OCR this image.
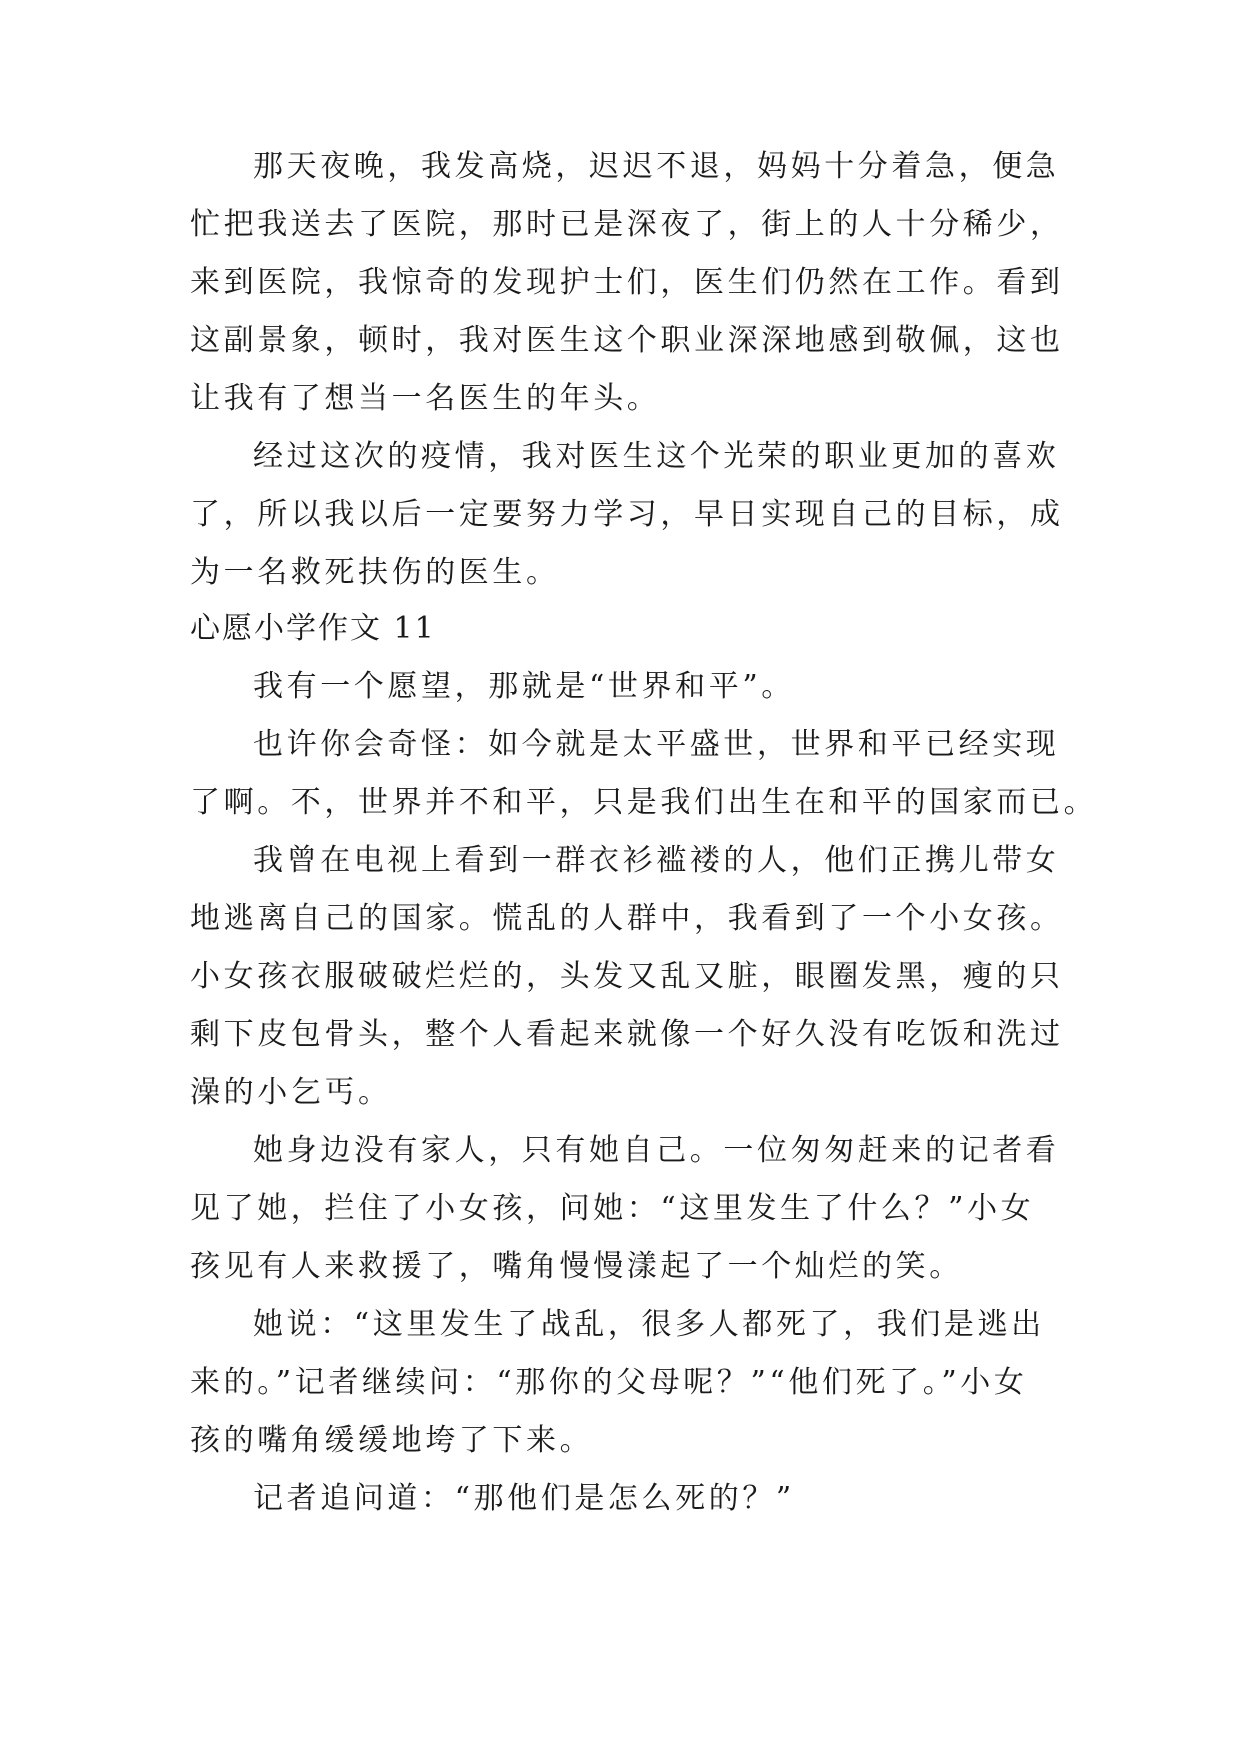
那天夜晚，我发高烧，迟迟不退，妈妈十分着急，便急
忙把我送去了医院，那时已是深夜了，街上的人十分稀少，
来到医院，我惊奇的发现护士们，医生们仍然在工作。看到
这副景象，顿时，我对医生这个职业深深地感到敬佩，这也
让我有了想当一名医生的年头。
经过这次的疫情，我对医生这个光荣的职业更加的喜欢
了，所以我以后一定要努力学习，早日实现自己的目标，成
为一名救死扶伤的医生。
心愿小学作文 11
我有一个愿望，那就是“世界和平”。
也许你会奇怪：如今就是太平盛世，世界和平已经实现
了啊。不，世界并不和平，只是我们出生在和平的国家而已。
我曾在电视上看到一群衣衫褴褛的人，他们正携儿带女
地逃离自己的国家。慌乱的人群中，我看到了一个小女孩。
小女孩衣服破破烂烂的，头发又乱又脏，眼圈发黑，瘦的只
剩下皮包骨头，整个人看起来就像一个好久没有吃饭和洗过
澡的小乞丐。
她身边没有家人，只有她自己。一位匆匆赶来的记者看
见了她，拦住了小女孩，问她：“这里发生了什么？”小女
孩见有人来救援了，嘴角慢慢漾起了一个灿烂的笑。
她说：“这里发生了战乱，很多人都死了，我们是逃出
来的。”记者继续问：“那你的父母呢？”“他们死了。”小女
孩的嘴角缓缓地垮了下来。
记者追问道：“那他们是怎么死的？”
